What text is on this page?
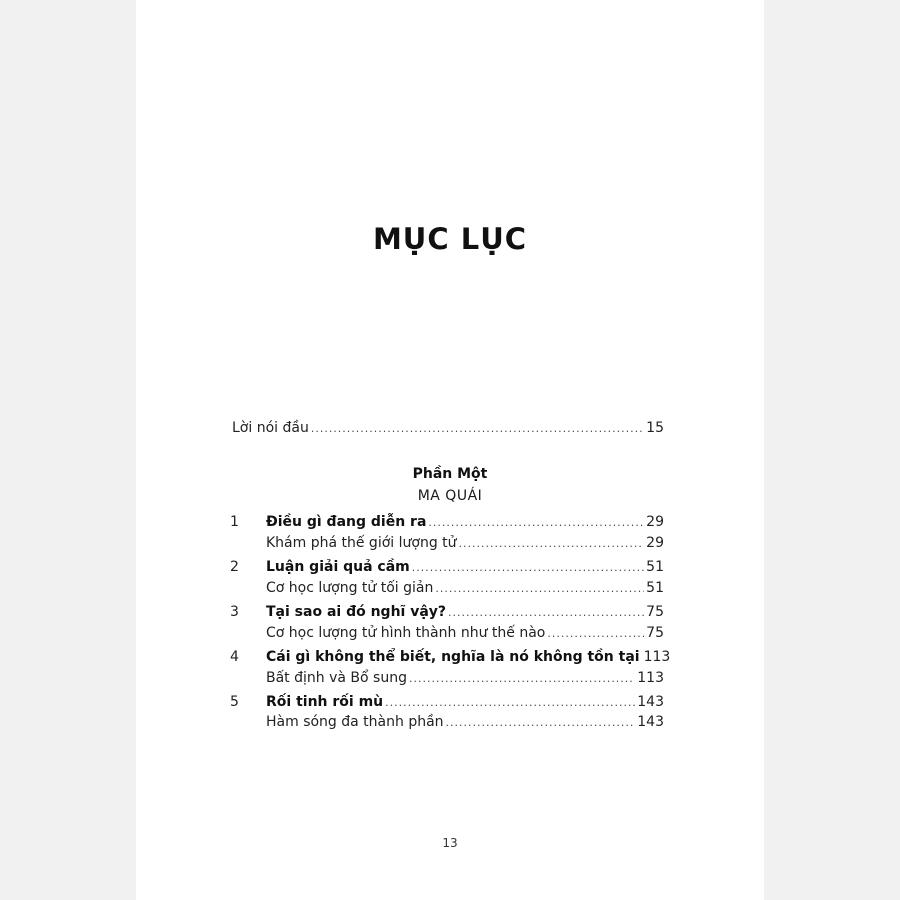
MỤC LỤC
Lời nói đầu .....	15
Phần Một
MA QUÁI
1 Điều gì đang diễn ra .....	29
Khám phá thế giới lượng tử .....	29
2 Luận giải quả cầm .....	51
Cơ học lượng tử tối giản .....	51
3 Tại sao ai đó nghĩ vậy? .....	75
Cơ học lượng tử hình thành như thế nào .....	75
4 Cái gì không thể biết, nghĩa là nó không tồn tại 113
Bất định và Bổ sung .....	113
5 Rối tinh rối mù .....	143
Hàm sóng đa thành phần .....	143
13
